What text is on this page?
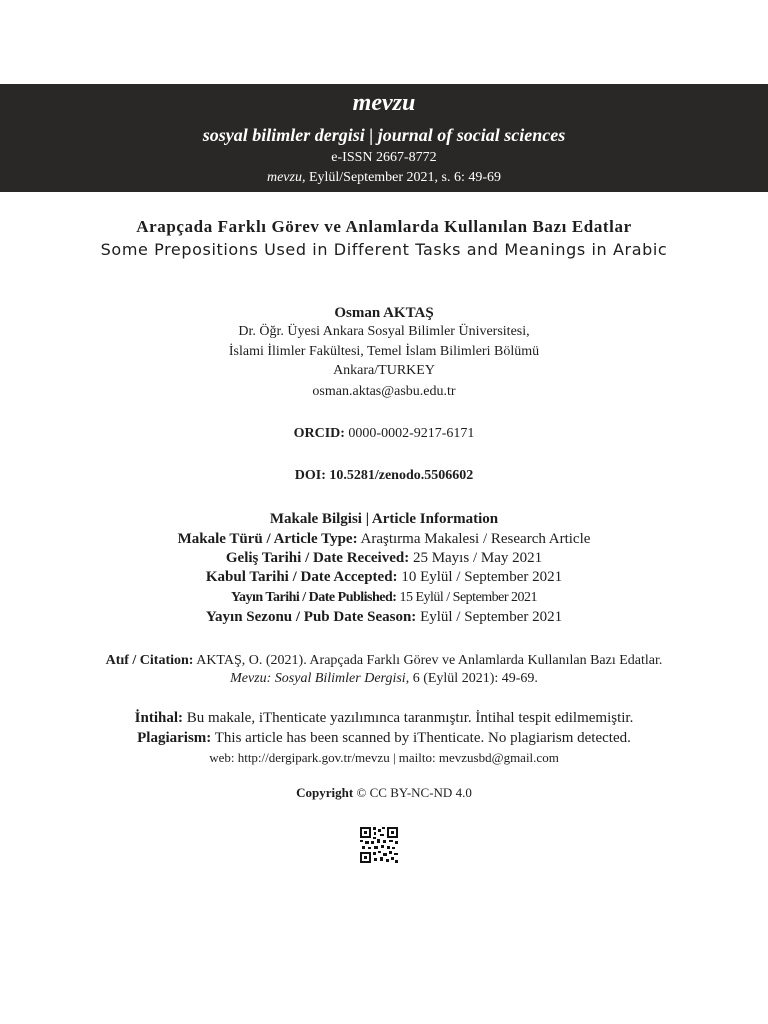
mevzu
sosyal bilimler dergisi | journal of social sciences
e-ISSN 2667-8772
mevzu, Eylül/September 2021, s. 6: 49-69
Arapçada Farklı Görev ve Anlamlarda Kullanılan Bazı Edatlar
Some Prepositions Used in Different Tasks and Meanings in Arabic
Osman AKTAŞ
Dr. Öğr. Üyesi Ankara Sosyal Bilimler Üniversitesi,
İslami İlimler Fakültesi, Temel İslam Bilimleri Bölümü
Ankara/TURKEY
osman.aktas@asbu.edu.tr
ORCID: 0000-0002-9217-6171
DOI: 10.5281/zenodo.5506602
Makale Bilgisi | Article Information
Makale Türü / Article Type: Araştırma Makalesi / Research Article
Geliş Tarihi / Date Received: 25 Mayıs / May 2021
Kabul Tarihi / Date Accepted: 10 Eylül / September 2021
Yayın Tarihi / Date Published: 15 Eylül / September 2021
Yayın Sezonu / Pub Date Season: Eylül / September 2021
Atıf / Citation: AKTAŞ, O. (2021). Arapçada Farklı Görev ve Anlamlarda Kullanılan Bazı Edatlar. Mevzu: Sosyal Bilimler Dergisi, 6 (Eylül 2021): 49-69.
İntihal: Bu makale, iThenticate yazılımınca taranmıştır. İntihal tespit edilmemiştir.
Plagiarism: This article has been scanned by iThenticate. No plagiarism detected.
web: http://dergipark.gov.tr/mevzu | mailto: mevzusbd@gmail.com
Copyright © CC BY-NC-ND 4.0
